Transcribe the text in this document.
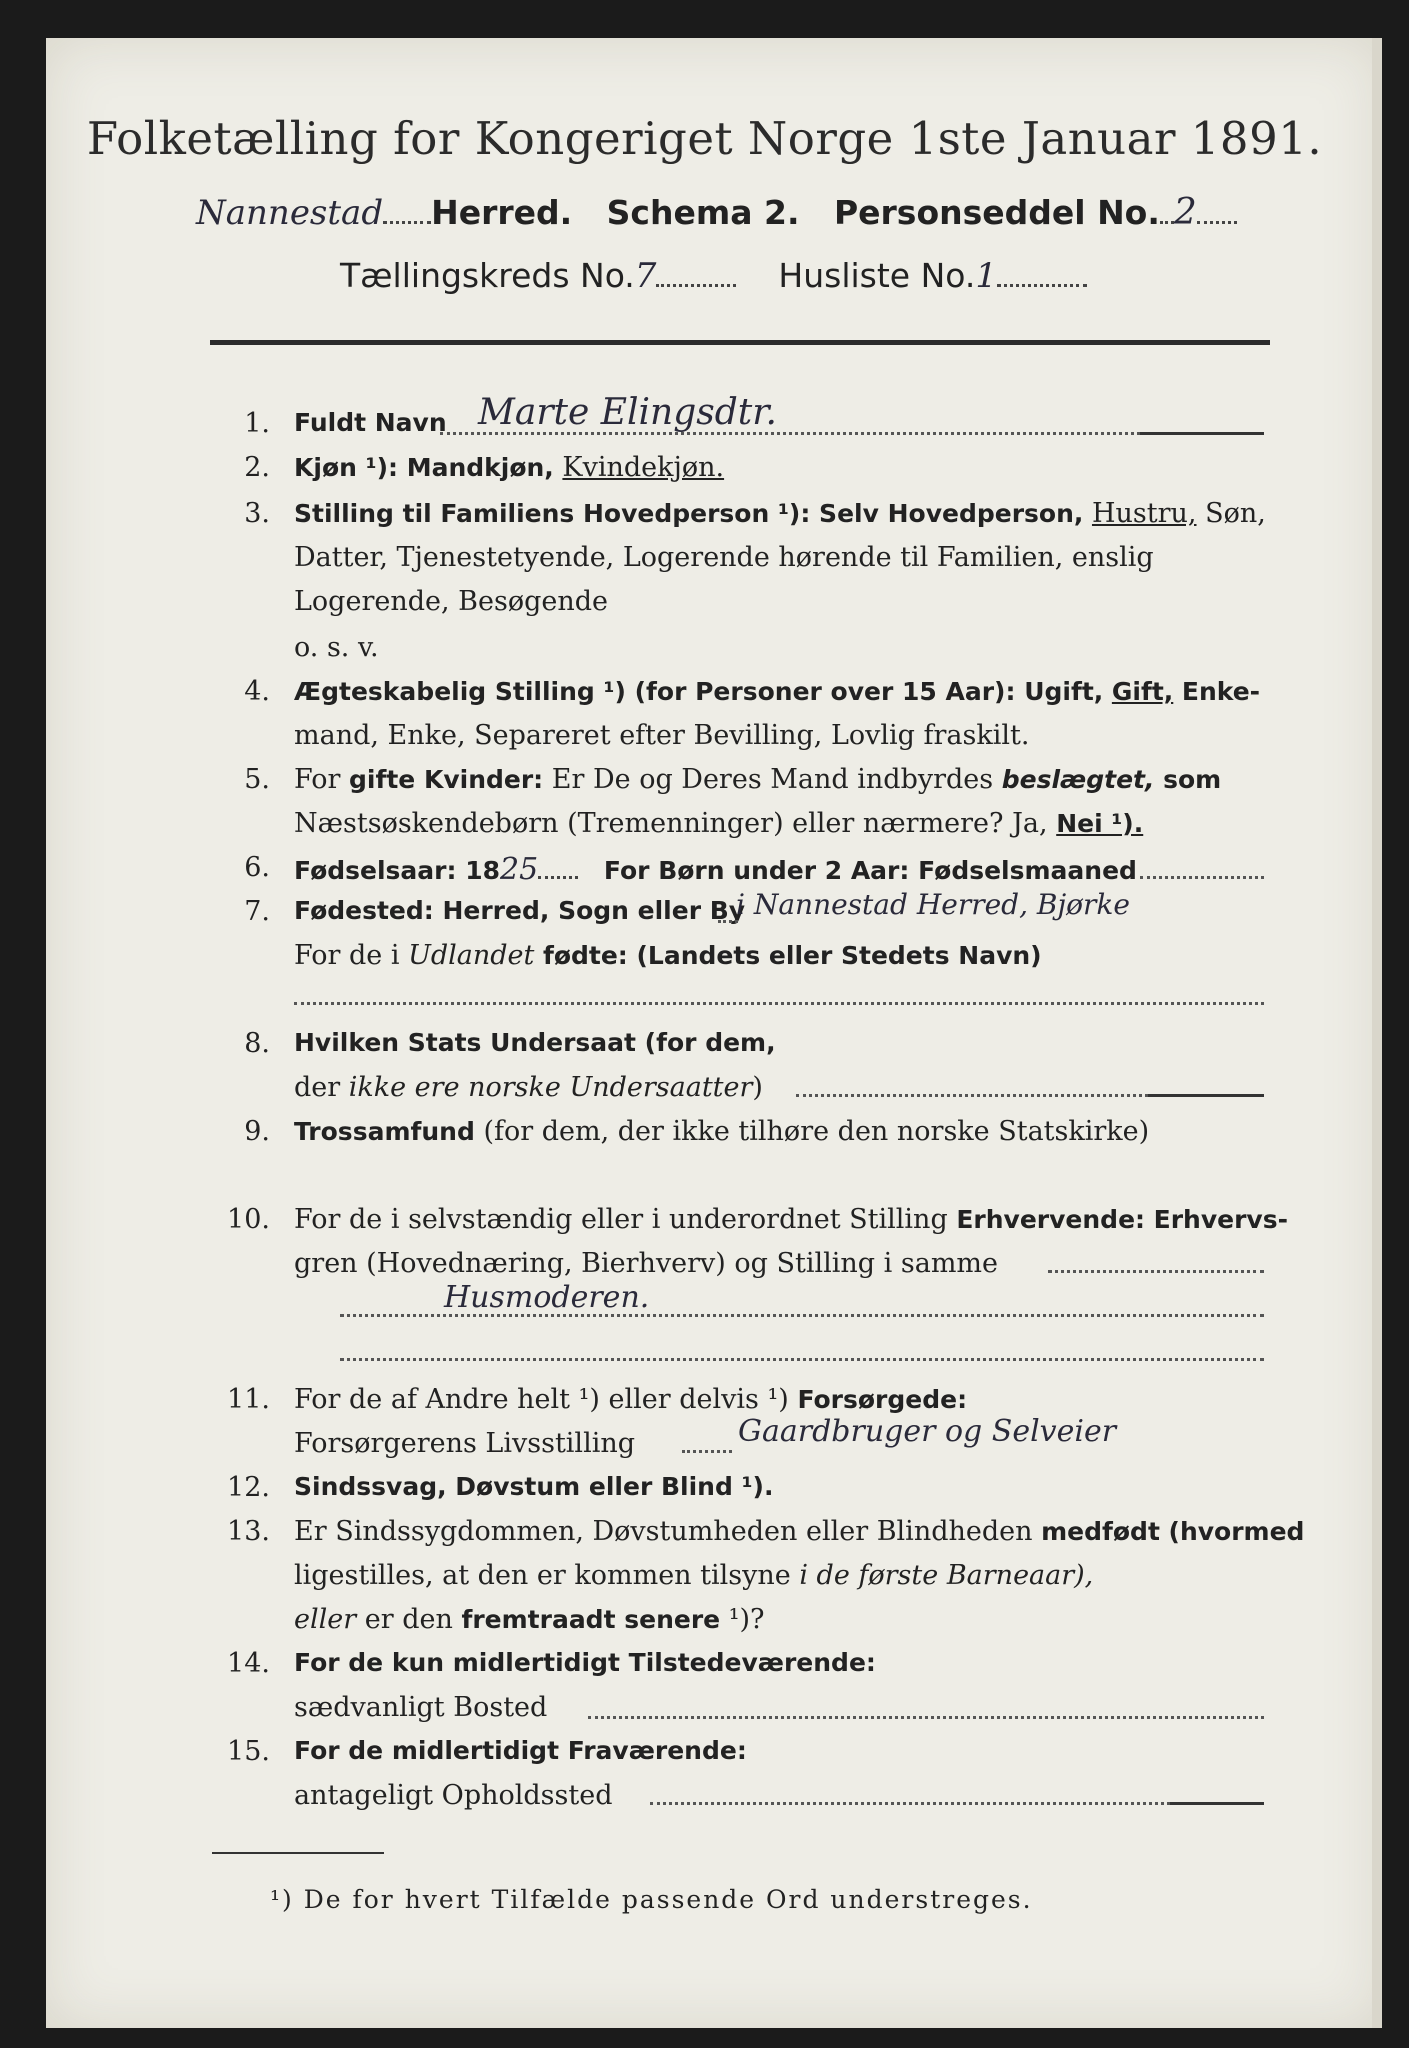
Folketælling for Kongeriget Norge 1ste Januar 1891.
Nannestad Herred. Schema 2. Personseddel No. 2
Tællingskreds No.7	Husliste No.1
1. Fuldt Navn Marte Elingsdtr.
2. Kjøn ¹): Mandkjøn, Kvindekjøn.
3. Stilling til Familiens Hovedperson ¹): Selv Hovedperson, Hustru, Søn,
Datter, Tjenestetyende, Logerende hørende til Familien, enslig
Logerende, Besøgende
o. s. v.
4. Ægteskabelig Stilling ¹) (for Personer over 15 Aar): Ugift, Gift, Enke-
mand, Enke, Separeret efter Bevilling, Lovlig fraskilt.
5. For gifte Kvinder: Er De og Deres Mand indbyrdes beslægtet, som
Næstsøskendebørn (Tremenninger) eller nærmere? Ja, Nei ¹).
6. Fødselsaar: 1825	For Børn under 2 Aar: Fødselsmaaned
7. Fødested: Herred, Sogn eller By
i Nannestad Herred, Bjørke
For de i Udlandet fødte: (Landets eller Stedets Navn)
8. Hvilken Stats Undersaat (for dem,
der ikke ere norske Undersaatter)
9. Trossamfund (for dem, der ikke tilhøre den norske Statskirke)
10. For de i selvstændig eller i underordnet Stilling Erhvervende: Erhvervs-
gren (Hovednæring, Bierhverv) og Stilling i samme
Husmoderen.
11. For de af Andre helt ¹) eller delvis ¹) Forsørgede:
Forsørgerens Livsstilling	Gaardbruger og Selveier
12. Sindssvag, Døvstum eller Blind ¹).
13. Er Sindssygdommen, Døvstumheden eller Blindheden medfødt (hvormed
ligestilles, at den er kommen tilsyne i de første Barneaar),
eller er den fremtraadt senere ¹)?
14. For de kun midlertidigt Tilstedeværende:
sædvanligt Bosted
15. For de midlertidigt Fraværende:
antageligt Opholdssted
¹) De for hvert Tilfælde passende Ord understreges.
